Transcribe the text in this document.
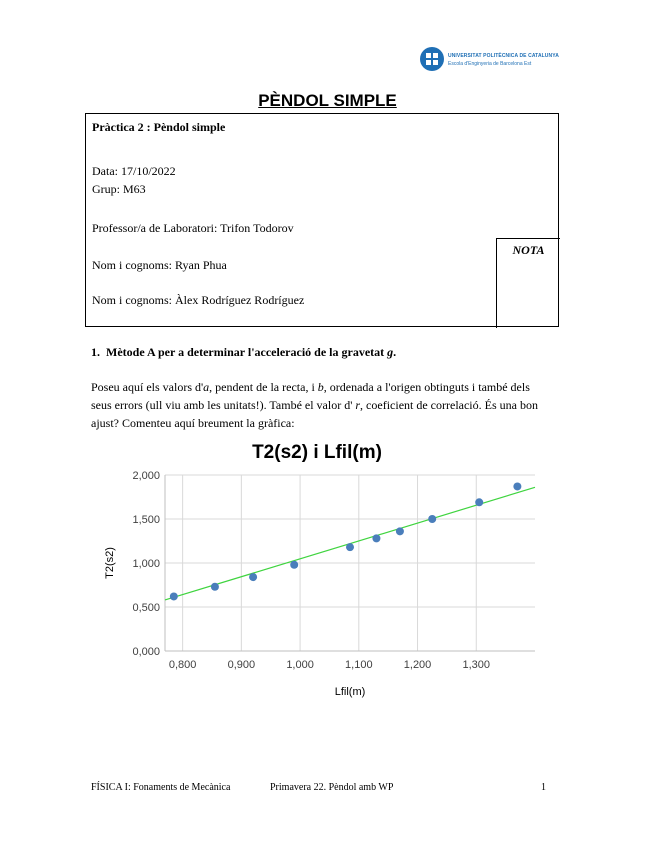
UNIVERSITAT POLITÈCNICA DE CATALUNYA
Escola d'Enginyeria de Barcelona Est
PÈNDOL SIMPLE
Pràctica 2 : Pèndol simple
Data: 17/10/2022
Grup: M63
Professor/a de Laboratori: Trifon Todorov
Nom i cognoms: Ryan Phua
Nom i cognoms: Àlex Rodríguez Rodríguez
NOTA
1. Mètode A per a determinar l'acceleració de la gravetat g.
Poseu aquí els valors d'a, pendent de la recta, i b, ordenada a l'origen obtinguts i també dels seus errors (ull viu amb les unitats!). També el valor d' r, coeficient de correlació. És una bon ajust? Comenteu aquí breument la gràfica:
T2(s2) i Lfil(m)
0,000
0,500
1,000
1,500
2,000
0,800	0,900	1,000	1,100	1,200	1,300
Lfil(m)
T2(s2)
FÍSICA I: Fonaments de Mecànica	Primavera 22. Pèndol amb WP	1
